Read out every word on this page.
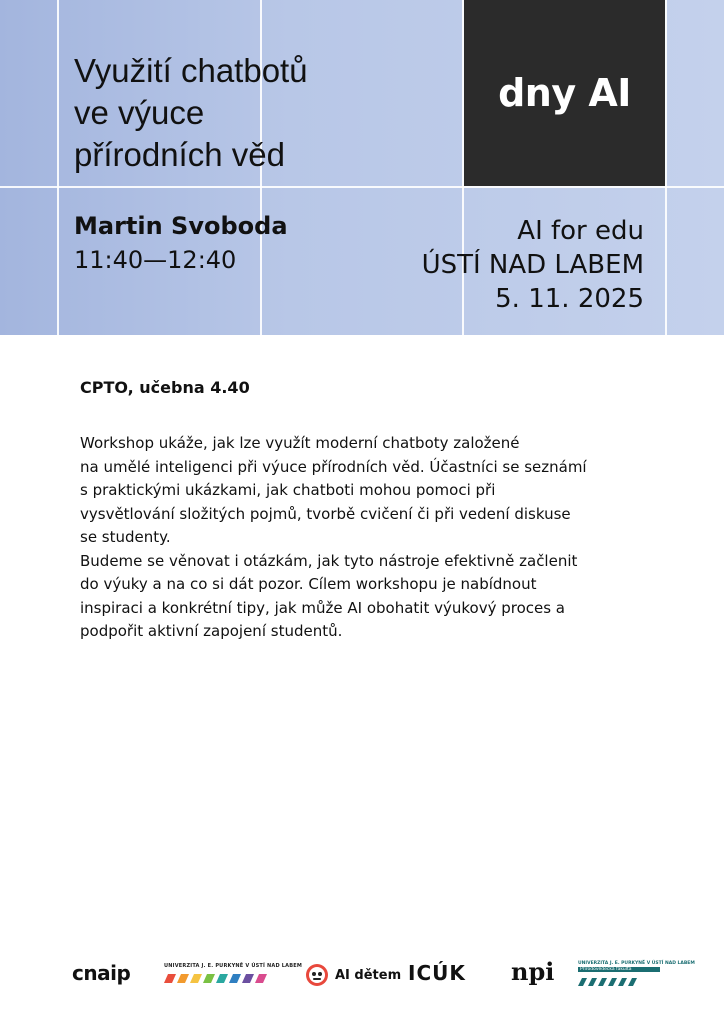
dny AI
Využití chatbotů
ve výuce
přírodních věd
Martin Svoboda
11:40—12:40
AI for edu
ÚSTÍ NAD LABEM
5. 11. 2025
CPTO, učebna 4.40

Workshop ukáže, jak lze využít moderní chatboty založené
na umělé inteligenci při výuce přírodních věd. Účastníci se seznámí
s praktickými ukázkami, jak chatboti mohou pomoci při
vysvětlování složitých pojmů, tvorbě cvičení či při vedení diskuse
se studenty.

Budeme se věnovat i otázkám, jak tyto nástroje efektivně začlenit
do výuky a na co si dát pozor. Cílem workshopu je nabídnout
inspiraci a konkrétní tipy, jak může AI obohatit výukový proces a
podpořit aktivní zapojení studentů.

cnaip	UNIVERZITA J. E. PURKYNĚ V ÚSTÍ NAD LABEM
AI dětem ICÚK npi	UNIVERZITA J. E. PURKYNĚ V ÚSTÍ NAD LABEM
Přírodovědecká fakulta
